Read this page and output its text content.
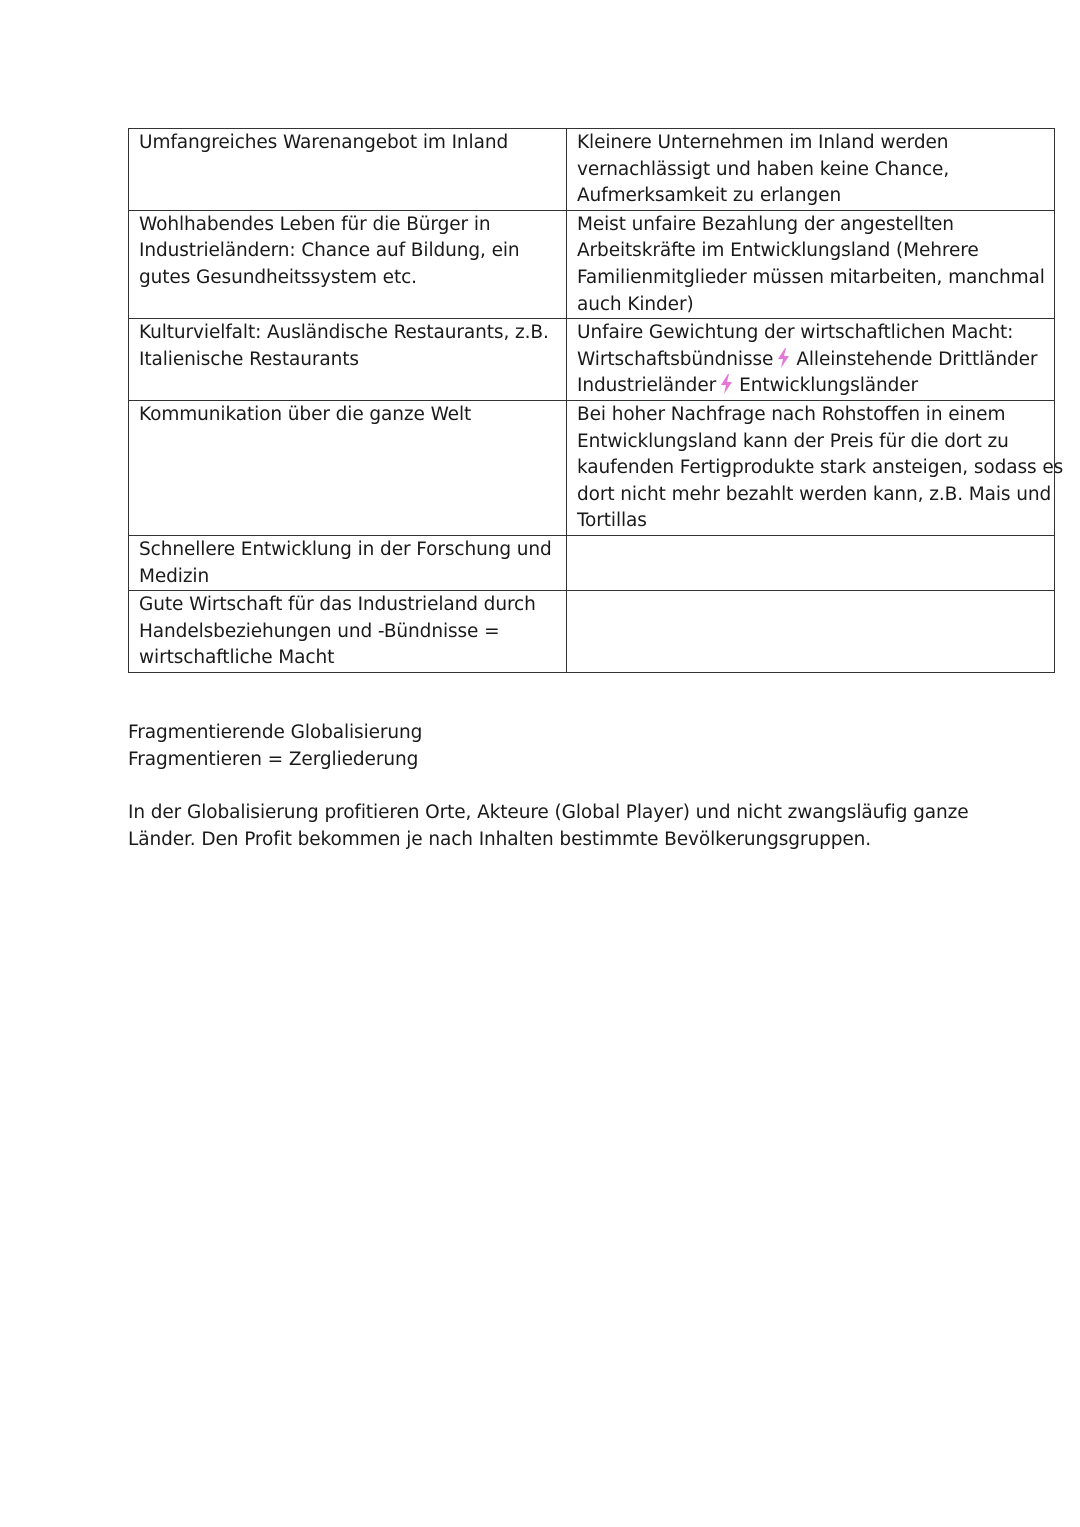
Umfangreiches Warenangebot im Inland	Kleinere Unternehmen im Inland werden
vernachlässigt und haben keine Chance,
Aufmerksamkeit zu erlangen

Wohlhabendes Leben für die Bürger in
Industrieländern: Chance auf Bildung, ein
gutes Gesundheitssystem etc.	Meist unfaire Bezahlung der angestellten
Arbeitskräfte im Entwicklungsland (Mehrere
Familienmitglieder müssen mitarbeiten, manchmal
auch Kinder)

Kulturvielfalt: Ausländische Restaurants, z.B.
Italienische Restaurants	Unfaire Gewichtung der wirtschaftlichen Macht:
Wirtschaftsbündnisse Alleinstehende Drittländer
Industrieländer Entwicklungsländer

Kommunikation über die ganze Welt	Bei hoher Nachfrage nach Rohstoffen in einem
Entwicklungsland kann der Preis für die dort zu
kaufenden Fertigprodukte stark ansteigen, sodass es
dort nicht mehr bezahlt werden kann, z.B. Mais und
Tortillas

Schnellere Entwicklung in der Forschung und
Medizin	

Gute Wirtschaft für das Industrieland durch
Handelsbeziehungen und -Bündnisse =
wirtschaftliche Macht	

Fragmentierende Globalisierung
Fragmentieren = Zergliederung
In der Globalisierung profitieren Orte, Akteure (Global Player) und nicht zwangsläufig ganze
Länder. Den Profit bekommen je nach Inhalten bestimmte Bevölkerungsgruppen.
